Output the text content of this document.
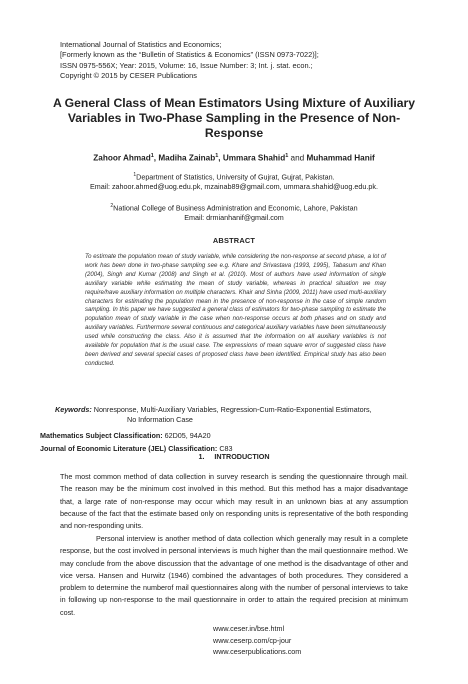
International Journal of Statistics and Economics;
[Formerly known as the “Bulletin of Statistics & Economics” (ISSN 0973-7022)];
ISSN 0975-556X; Year: 2015, Volume: 16, Issue Number: 3; Int. j. stat. econ.;
Copyright © 2015 by CESER Publications
A General Class of Mean Estimators Using Mixture of Auxiliary Variables in Two-Phase Sampling in the Presence of Non-Response
Zahoor Ahmad$^1$, Madiha Zainab$^1$, Ummara Shahid$^1$ and Muhammad Hanif
$^1$Department of Statistics, University of Gujrat, Gujrat, Pakistan.
Email: zahoor.ahmed@uog.edu.pk, mzainab89@gmail.com, ummara.shahid@uog.edu.pk.
$^2$National College of Business Administration and Economic, Lahore, Pakistan
Email: drmianhanif@gmail.com
ABSTRACT
To estimate the population mean of study variable, while considering the non-response at second phase, a lot of work has been done in two-phase sampling see e.g. Khare and Srivastava (1993, 1995), Tabasum and Khan (2004), Singh and Kumar (2008) and Singh et al. (2010). Most of authors have used information of single auxiliary variable while estimating the mean of study variable, whereas in practical situation we may require/have auxiliary information on multiple characters. Khair and Sinha (2009, 2011) have used multi-auxiliary characters for estimating the population mean in the presence of non-response in the case of simple random sampling. In this paper we have suggested a general class of estimators for two-phase sampling to estimate the population mean of study variable in the case when non-response occurs at both phases and on study and auxiliary variables. Furthermore several continuous and categorical auxiliary variables have been simultaneously used while constructing the class. Also it is assumed that the information on all auxiliary variables is not available for population that is the usual case. The expressions of mean square error of suggested class have been derived and several special cases of proposed class have been identified. Empirical study has also been conducted.
Keywords: Nonresponse, Multi-Auxiliary Variables, Regression-Cum-Ratio-Exponential Estimators,
No Information Case
Mathematics Subject Classification: 62D05, 94A20
Journal of Economic Literature (JEL) Classification: C83
1.     INTRODUCTION
The most common method of data collection in survey research is sending the questionnaire through mail. The reason may be the minimum cost involved in this method. But this method has a major disadvantage that, a large rate of non-response may occur which may result in an unknown bias at any assumption because of the fact that the estimate based only on responding units is representative of the both responding and non-responding units.
Personal interview is another method of data collection which generally may result in a complete response, but the cost involved in personal interviews is much higher than the mail questionnaire method. We may conclude from the above discussion that the advantage of one method is the disadvantage of other and vice versa. Hansen and Hurwitz (1946) combined the advantages of both procedures. They considered a problem to determine the numberof mail questionnaires along with the number of personal interviews to take in following up non-response to the mail questionnaire in order to attain the required precision at minimum cost.
www.ceser.in/bse.html
www.ceserp.com/cp-jour
www.ceserpublications.com
